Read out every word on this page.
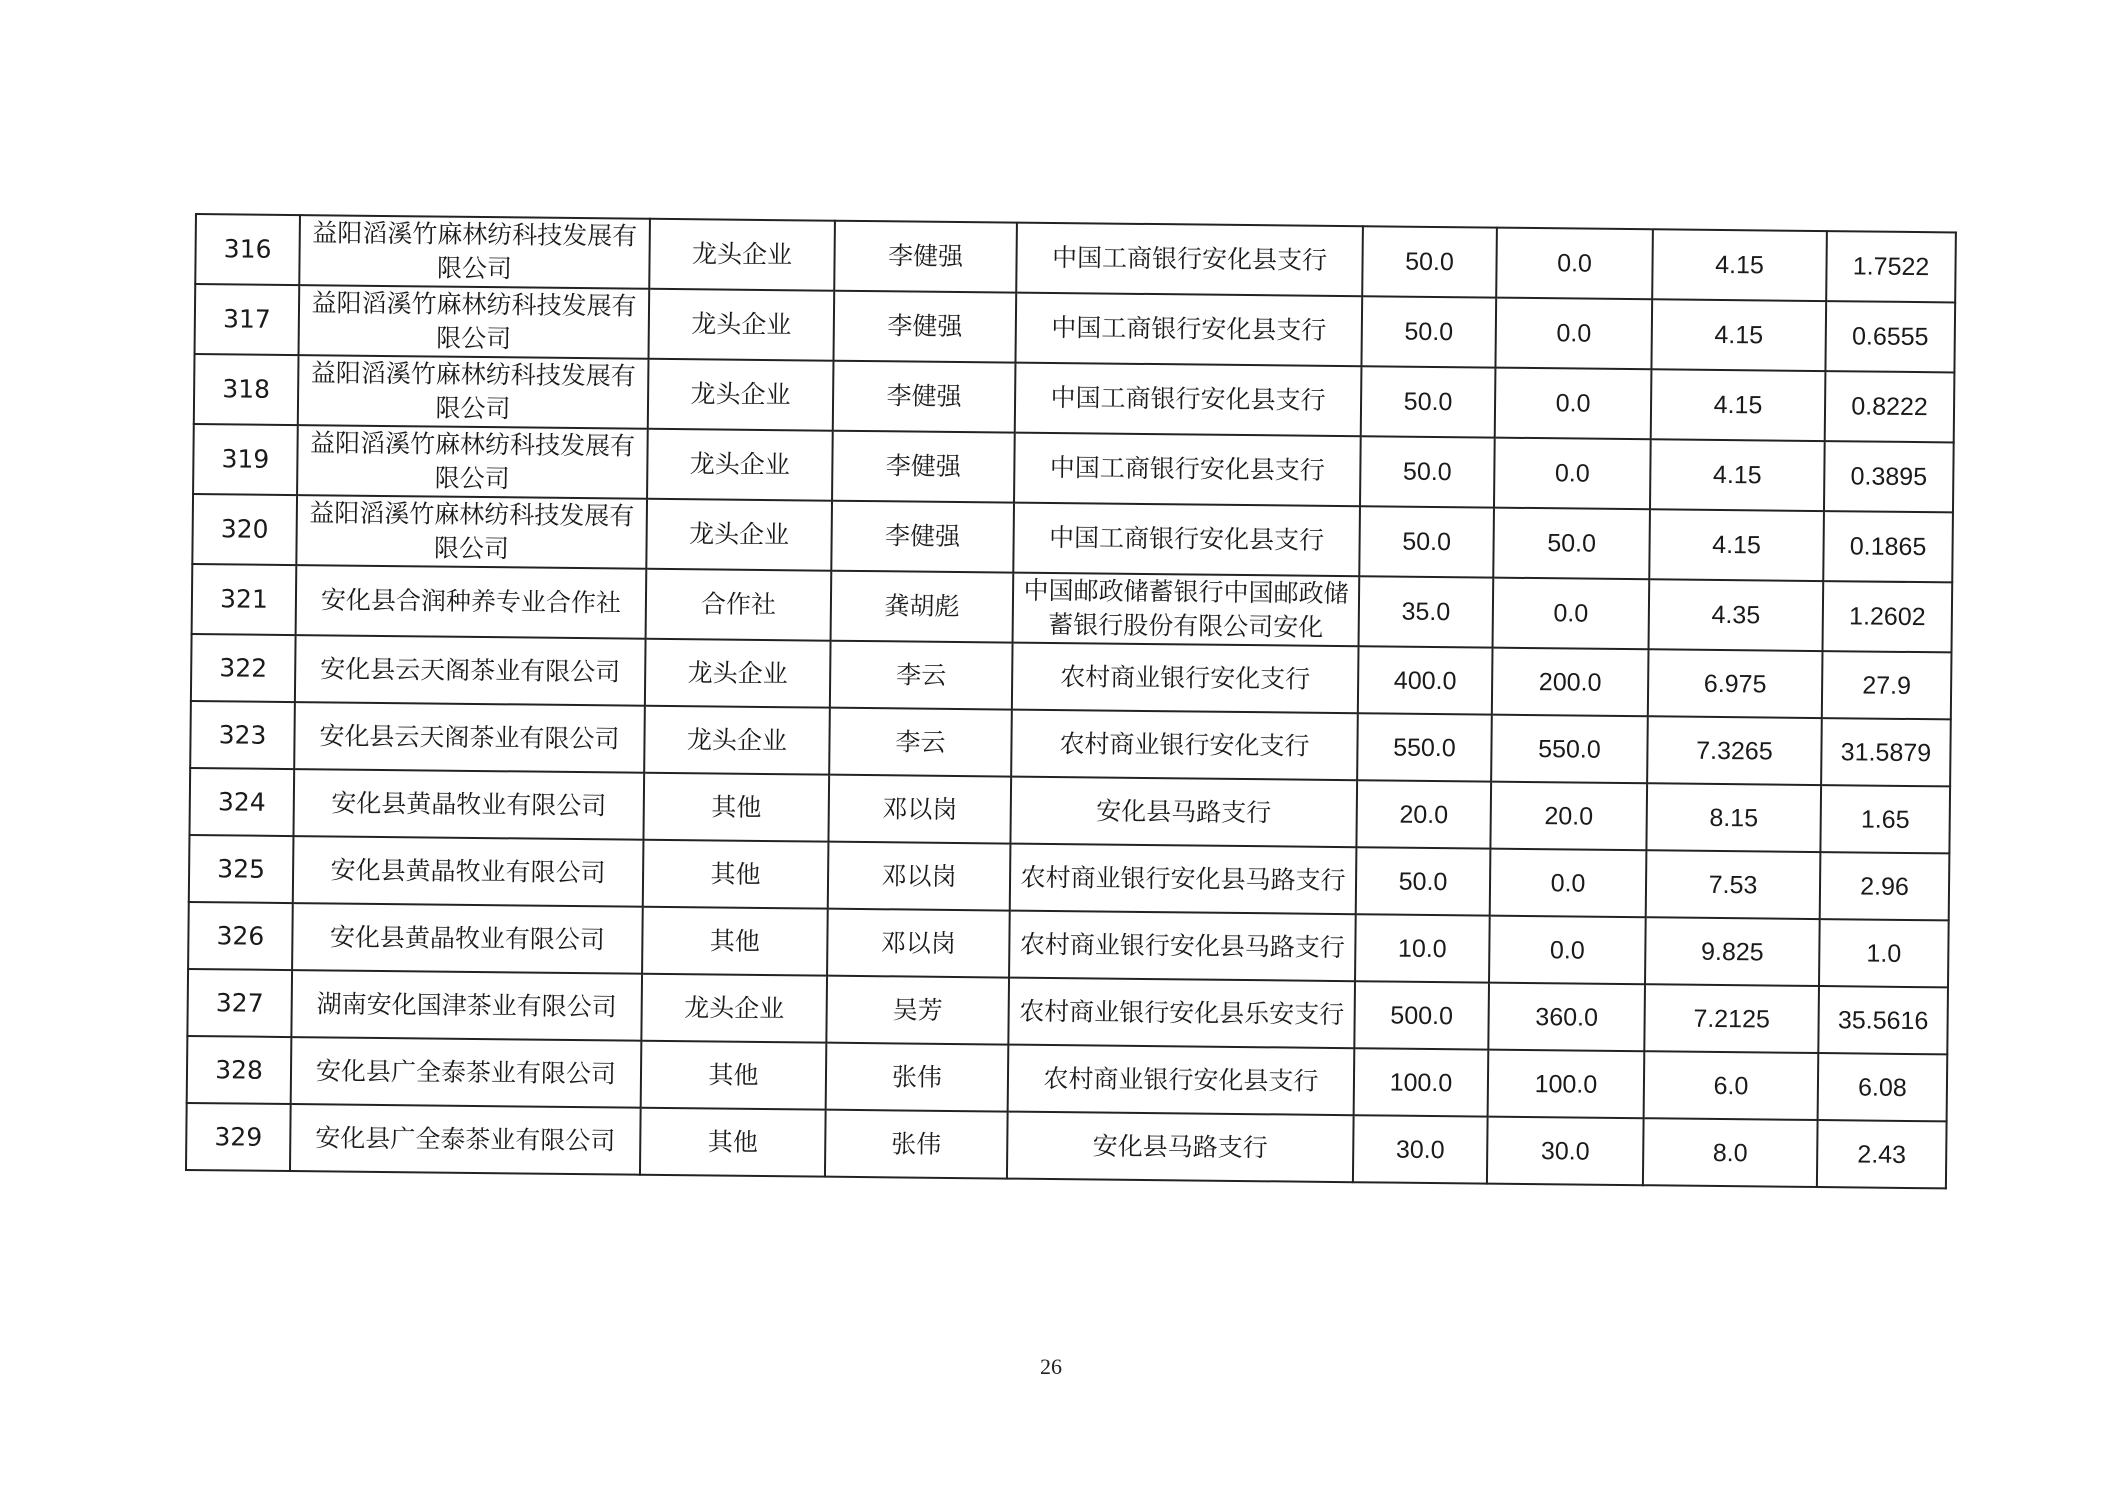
316	益阳滔溪竹麻林纺科技发展有限公司	龙头企业	李健强	中国工商银行安化县支行	50.0	0.0	4.15	1.7522
317	益阳滔溪竹麻林纺科技发展有限公司	龙头企业	李健强	中国工商银行安化县支行	50.0	0.0	4.15	0.6555
318	益阳滔溪竹麻林纺科技发展有限公司	龙头企业	李健强	中国工商银行安化县支行	50.0	0.0	4.15	0.8222
319	益阳滔溪竹麻林纺科技发展有限公司	龙头企业	李健强	中国工商银行安化县支行	50.0	0.0	4.15	0.3895
320	益阳滔溪竹麻林纺科技发展有限公司	龙头企业	李健强	中国工商银行安化县支行	50.0	50.0	4.15	0.1865
321	安化县合润种养专业合作社	合作社	龚胡彪	中国邮政储蓄银行中国邮政储蓄银行股份有限公司安化	35.0	0.0	4.35	1.2602
322	安化县云天阁茶业有限公司	龙头企业	李云	农村商业银行安化支行	400.0	200.0	6.975	27.9
323	安化县云天阁茶业有限公司	龙头企业	李云	农村商业银行安化支行	550.0	550.0	7.3265	31.5879
324	安化县黄晶牧业有限公司	其他	邓以岗	安化县马路支行	20.0	20.0	8.15	1.65
325	安化县黄晶牧业有限公司	其他	邓以岗	农村商业银行安化县马路支行	50.0	0.0	7.53	2.96
326	安化县黄晶牧业有限公司	其他	邓以岗	农村商业银行安化县马路支行	10.0	0.0	9.825	1.0
327	湖南安化国津茶业有限公司	龙头企业	吴芳	农村商业银行安化县乐安支行	500.0	360.0	7.2125	35.5616
328	安化县广全泰茶业有限公司	其他	张伟	农村商业银行安化县支行	100.0	100.0	6.0	6.08
329	安化县广全泰茶业有限公司	其他	张伟	安化县马路支行	30.0	30.0	8.0	2.43
26
